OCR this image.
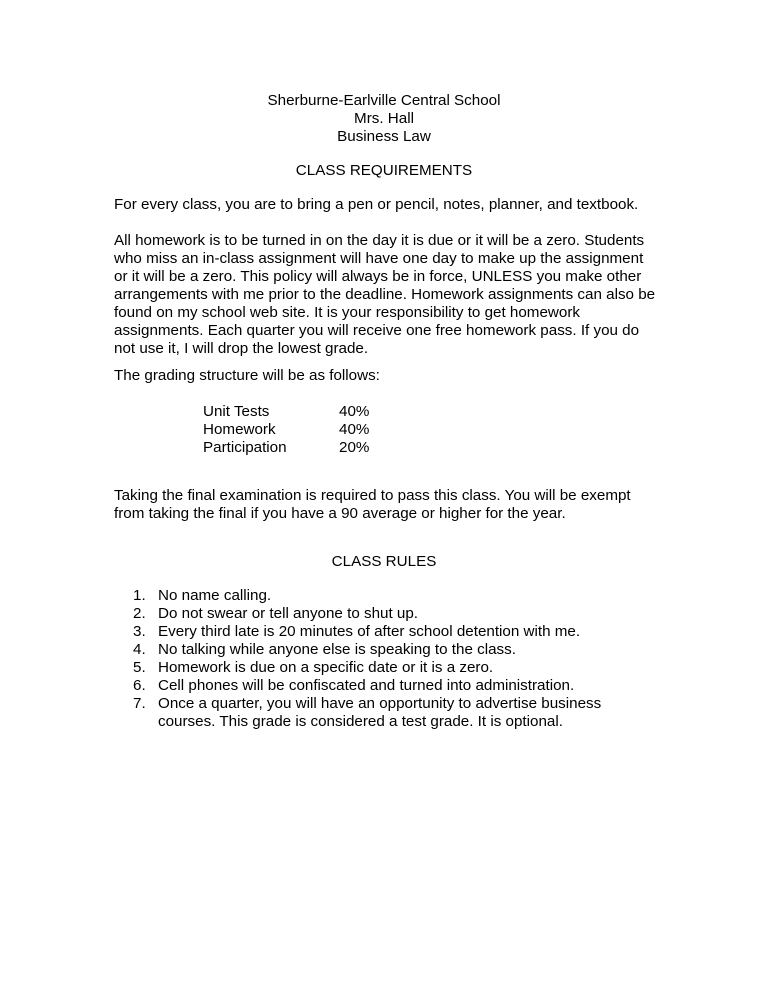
Sherburne-Earlville Central School
Mrs. Hall
Business Law
CLASS REQUIREMENTS
For every class, you are to bring a pen or pencil, notes, planner, and textbook.
All homework is to be turned in on the day it is due or it will be a zero. Students
who miss an in-class assignment will have one day to make up the assignment
or it will be a zero. This policy will always be in force, UNLESS you make other
arrangements with me prior to the deadline. Homework assignments can also be
found on my school web site. It is your responsibility to get homework
assignments. Each quarter you will receive one free homework pass. If you do
not use it, I will drop the lowest grade.
The grading structure will be as follows:
Unit Tests	40%
Homework	40%
Participation	20%
Taking the final examination is required to pass this class. You will be exempt
from taking the final if you have a 90 average or higher for the year.
CLASS RULES
1. No name calling.
2. Do not swear or tell anyone to shut up.
3. Every third late is 20 minutes of after school detention with me.
4. No talking while anyone else is speaking to the class.
5. Homework is due on a specific date or it is a zero.
6. Cell phones will be confiscated and turned into administration.
7. Once a quarter, you will have an opportunity to advertise business
courses. This grade is considered a test grade. It is optional.
